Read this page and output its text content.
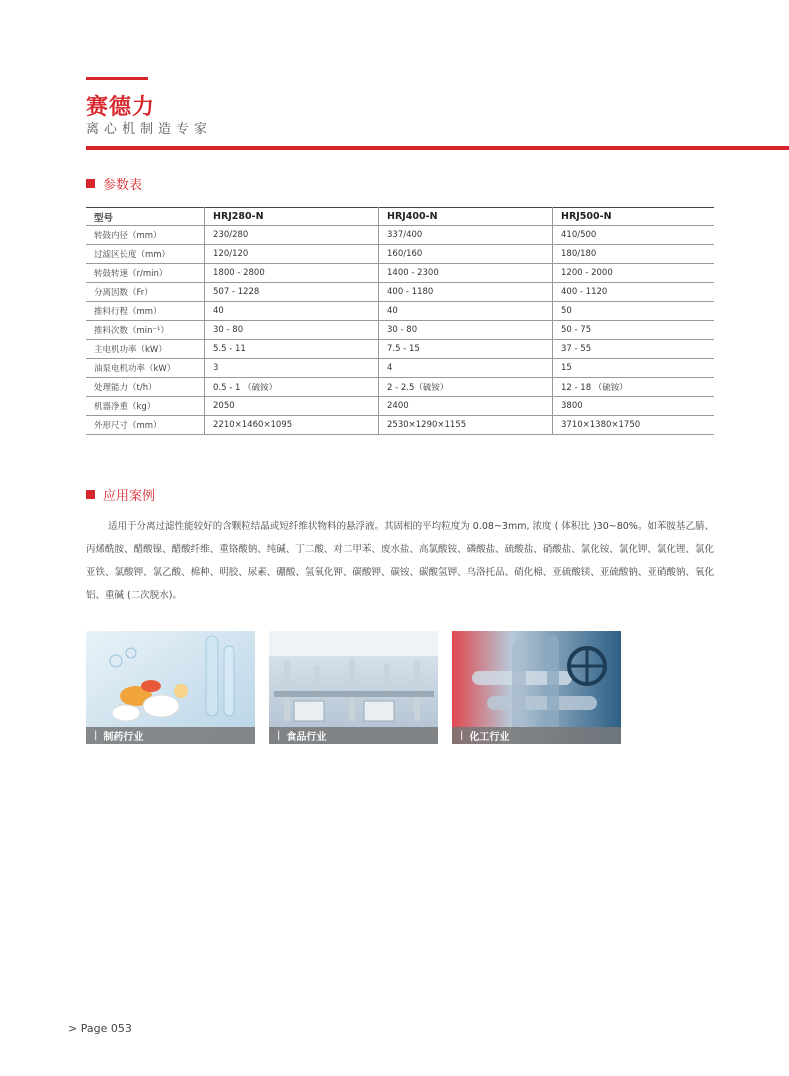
赛德力
离心机制造专家
参数表
型号	HRJ280-N	HRJ400-N	HRJ500-N
转鼓内径（mm）	230/280	337/400	410/500
过滤区长度（mm）	120/120	160/160	180/180
转鼓转速（r/min）	1800 - 2800	1400 - 2300	1200 - 2000
分离因数（Fr）	507 - 1228	400 - 1180	400 - 1120
推料行程（mm）	40	40	50
推料次数（min⁻¹）	30 - 80	30 - 80	50 - 75
主电机功率（kW）	5.5 - 11	7.5 - 15	37 - 55
油泵电机功率（kW）	3	4	15
处理能力（t/h）	0.5 - 1 （硫铵）	2 - 2.5（硫铵）	12 - 18 （硫铵）
机器净重（kg）	2050	2400	3800
外形尺寸（mm）	2210×1460×1095	2530×1290×1155	3710×1380×1750
应用案例
适用于分离过滤性能较好的含颗粒结晶或短纤维状物料的悬浮液。其固相的平均粒度为 0.08~3mm, 浓度 ( 体积比 )30~80%。如苯胺基乙腈、丙烯酰胺、醋酸镍、醋酸纤维、重铬酸钠、纯碱、丁二酸、对二甲苯、废水盐、高氯酸铵、磷酸盐、硫酸盐、硝酸盐、氯化铵、氯化钾、氯化锂、氯化亚铁、氯酸钾、氯乙酸、棉种、明胶、尿素、硼酸、氢氧化钾、碳酸钾、碳铵、碳酸氢钾、乌洛托品、硝化棉、亚硫酸镁、亚硫酸钠、亚硝酸钠、氧化铝、重碱 (二次脱水)。
| 制药行业	| 食品行业	| 化工行业
> Page 053
